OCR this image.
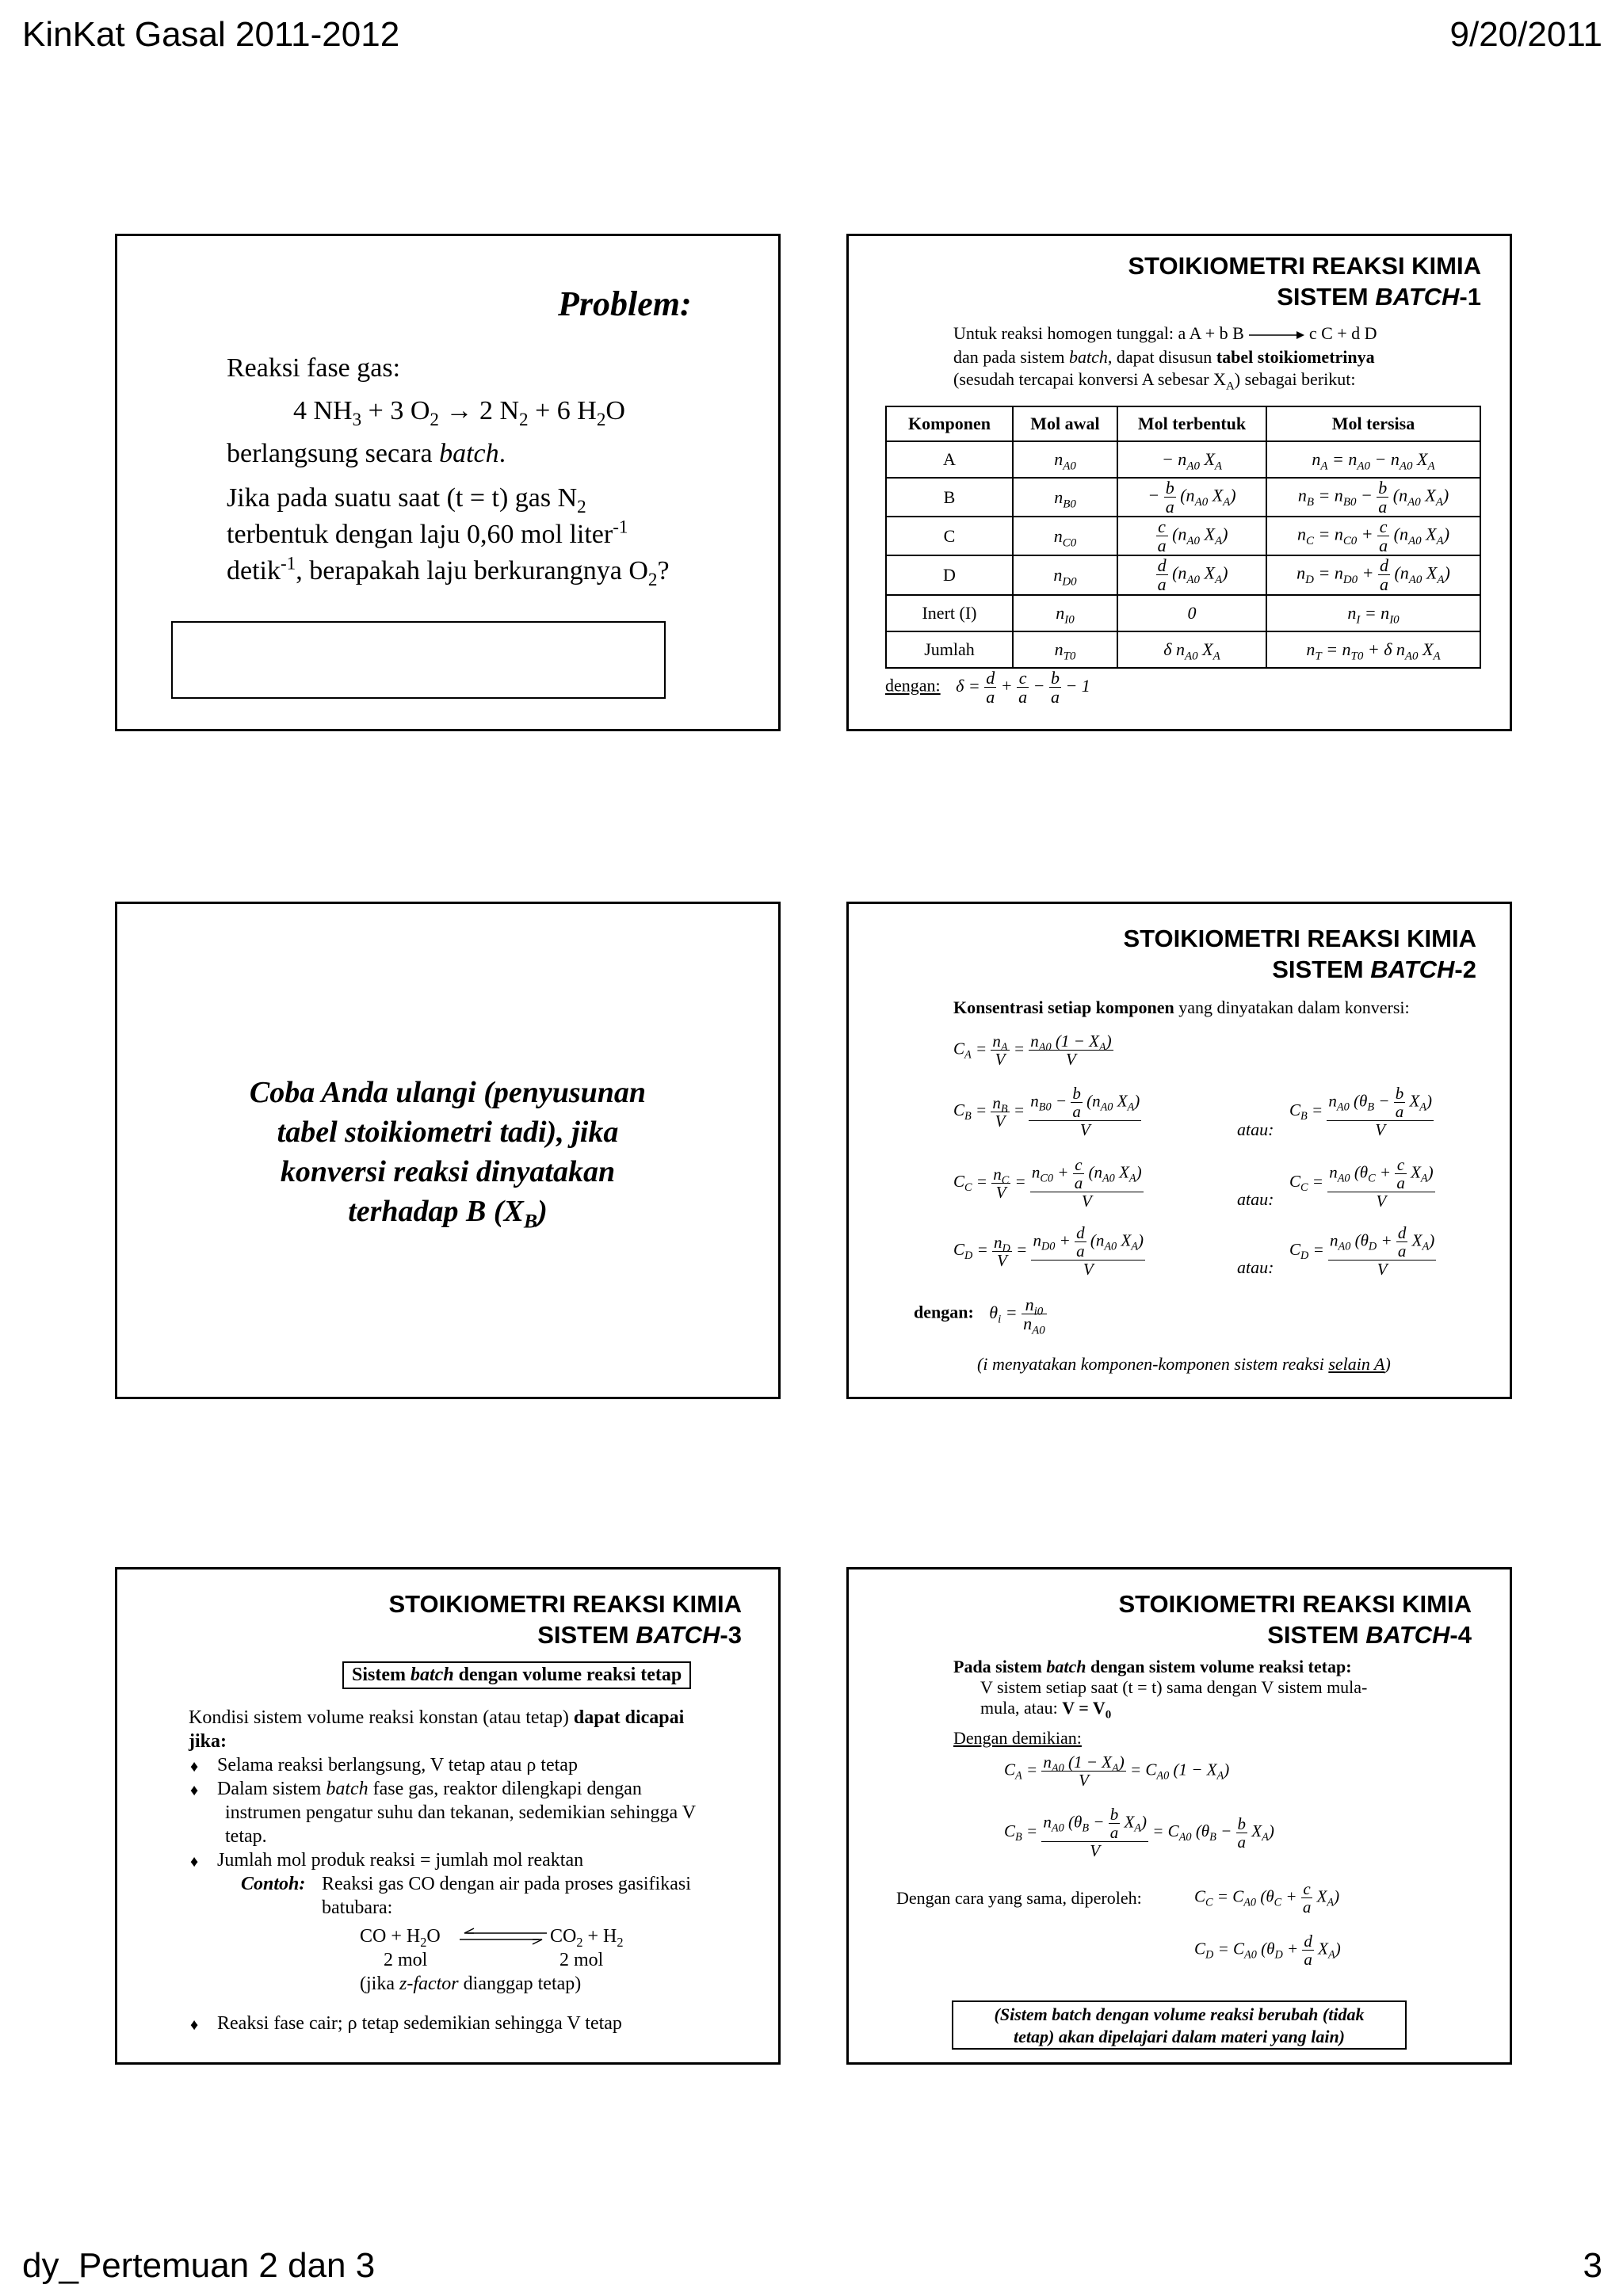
KinKat Gasal 2011-2012	9/20/2011
dy_Pertemuan 2 dan 3	3
Problem:
Reaksi fase gas:
4 $NH_3 + 3$ $O_2 \to 2$ $N_2 + 6$ $H_2O$
berlangsung secara batch.
Jika pada suatu saat (t = t) gas $N_2$
terbentuk dengan laju 0,60 mol liter$^{-1}$
detik$^{-1}$, berapakah laju berkurangnya $O_2$?
STOIKIOMETRI REAKSI KIMIA
SISTEM BATCH-1
Untuk reaksi homogen tunggal: a A + b B → c C + d D
dan pada sistem batch, dapat disusun tabel stoikiometrinya
(sesudah tercapai konversi A sebesar $X_A$) sebagai berikut:
Komponen	Mol awal	Mol terbentuk	Mol tersisa
A	$n_{A0}$	− $n_{A0}$ $X_A$	$n_A = n_{A0} - n_{A0}$ $X_A$
B	$n_{B0}$	− $\frac{b}{a} (n_{A0}$ $X_A$)	$n_B = n_{B0} - \frac{b}{a} (n_{A0}$ $X_A$)
C	$n_{C0}$	$\frac{c}{a} (n_{A0}$ $X_A$)	$n_C = n_{C0} + \frac{c}{a} (n_{A0}$ $X_A$)
D	$n_{D0}$	$\frac{d}{a} (n_{A0}$ $X_A$)	$n_D = n_{D0} + \frac{d}{a} (n_{A0}$ $X_A$)
Inert (I)	$n_{I0}$	0	$n_I = n_{I0}$
Jumlah	$n_{T0}$	δ $n_{A0}$ $X_A$	$n_T = n_{T0} + \delta$ $n_{A0}$ $X_A$
dengan: $\delta = \frac{d}{a} + \frac{c}{a} - \frac{b}{a} - 1$
Coba Anda ulangi (penyusunan
tabel stoikiometri tadi), jika
konversi reaksi dinyatakan
terhadap B $(X_B)$
STOIKIOMETRI REAKSI KIMIA
SISTEM BATCH-2
Konsentrasi setiap komponen yang dinyatakan dalam konversi:
$C_A = \frac{n_A}{V} = \frac{n_{A0} (1 - X_A)}{V}$
$C_B = \frac{n_B}{V} = \frac{n_{B0} - \frac{b}{a} (n_{A0} X_A)}{V}$	atau:
$C_B = \frac{n_{A0} (\theta_B - \frac{b}{a} X_A)}{V}$
$C_C = \frac{n_C}{V} = \frac{n_{C0} + \frac{c}{a} (n_{A0} X_A)}{V}$	atau:
$C_C = \frac{n_{A0} (\theta_C + \frac{c}{a} X_A)}{V}$
$C_D = \frac{n_D}{V} = \frac{n_{D0} + \frac{d}{a} (n_{A0} X_A)}{V}$	atau:
$C_D = \frac{n_{A0} (\theta_D + \frac{d}{a} X_A)}{V}$
dengan: $\theta_i = \frac{n_{i0}}{n_{A0}}$
(i menyatakan komponen-komponen sistem reaksi selain A)
STOIKIOMETRI REAKSI KIMIA
SISTEM BATCH-3
Sistem batch dengan volume reaksi tetap
Kondisi sistem volume reaksi konstan (atau tetap) dapat dicapai
jika:
♦ Selama reaksi berlangsung, V tetap atau ρ tetap
♦ Dalam sistem batch fase gas, reaktor dilengkapi dengan
instrumen pengatur suhu dan tekanan, sedemikian sehingga V
tetap.
♦ Jumlah mol produk reaksi = jumlah mol reaktan
Contoh: Reaksi gas CO dengan air pada proses gasifikasi
batubara:
CO + $H_2O$	$CO_2 + H_2$
2 mol	2 mol
(jika z-factor dianggap tetap)
♦ Reaksi fase cair; ρ tetap sedemikian sehingga V tetap
STOIKIOMETRI REAKSI KIMIA
SISTEM BATCH-4
Pada sistem batch dengan sistem volume reaksi tetap:
V sistem setiap saat (t = t) sama dengan V sistem mula-
mula, atau: $V = V_0$
Dengan demikian:
$C_A = \frac{n_{A0} (1 - X_A)}{V} = C_{A0}$ $(1 - X_A)$
$C_B = \frac{n_{A0} (\theta_B - \frac{b}{a} X_A)}{V} = C_{A0}$ $(\theta_B - \frac{b}{a} X_A)$
Dengan cara yang sama, diperoleh:	$C_C = C_{A0}$ $(\theta_C + \frac{c}{a} X_A)$
$C_D = C_{A0}$ $(\theta_D + \frac{d}{a} X_A)$
(Sistem batch dengan volume reaksi berubah (tidak
tetap) akan dipelajari dalam materi yang lain)
